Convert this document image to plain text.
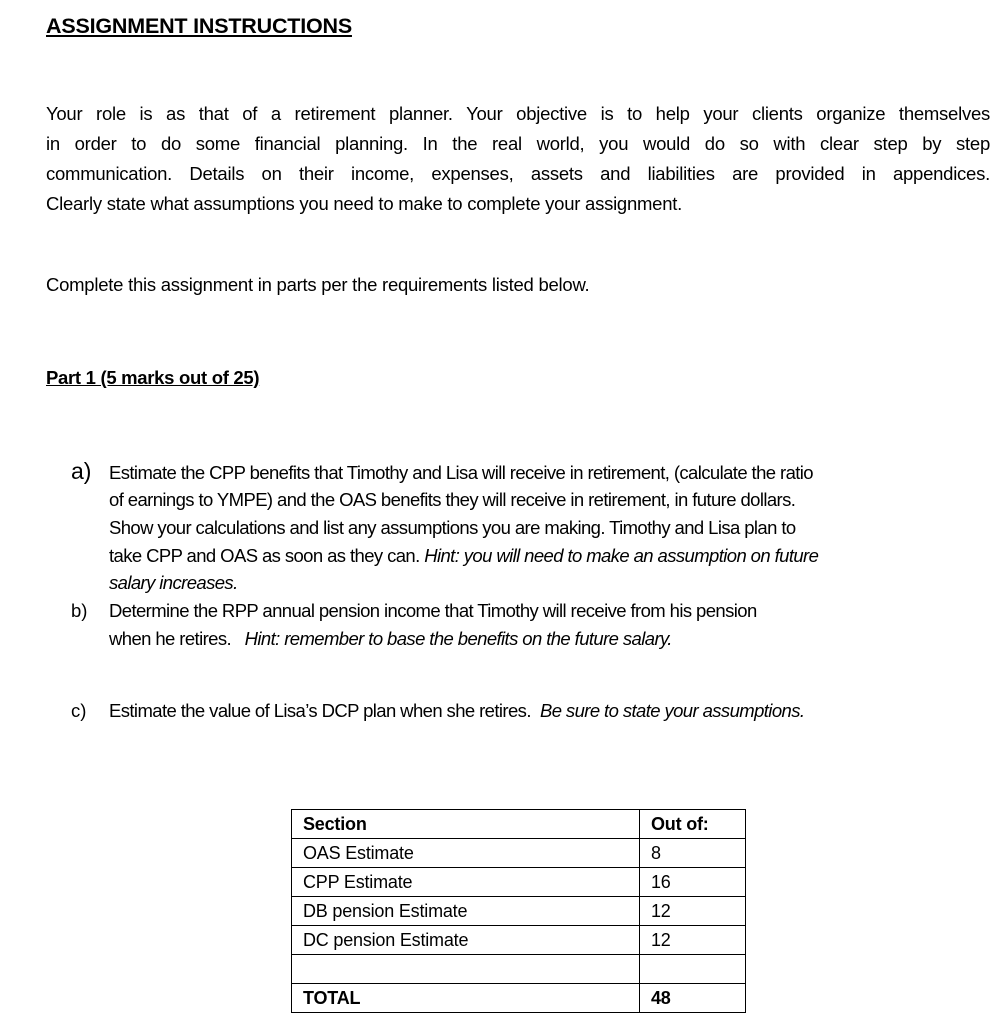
ASSIGNMENT INSTRUCTIONS
Your role is as that of a retirement planner. Your objective is to help your clients organize themselves
in order to do some financial planning. In the real world, you would do so with clear step by step
communication. Details on their income, expenses, assets and liabilities are provided in appendices.
Clearly state what assumptions you need to make to complete your assignment.
Complete this assignment in parts per the requirements listed below.
Part 1 (5 marks out of 25)
a) Estimate the CPP benefits that Timothy and Lisa will receive in retirement, (calculate the ratio
of earnings to YMPE) and the OAS benefits they will receive in retirement, in future dollars.
Show your calculations and list any assumptions you are making. Timothy and Lisa plan to
take CPP and OAS as soon as they can. Hint: you will need to make an assumption on future
salary increases.
b) Determine the RPP annual pension income that Timothy will receive from his pension
when he retires.   Hint: remember to base the benefits on the future salary.
c) Estimate the value of Lisa’s DCP plan when she retires.  Be sure to state your assumptions.
Section	Out of:
OAS Estimate	8
CPP Estimate	16
DB pension Estimate	12
DC pension Estimate	12

TOTAL	48
